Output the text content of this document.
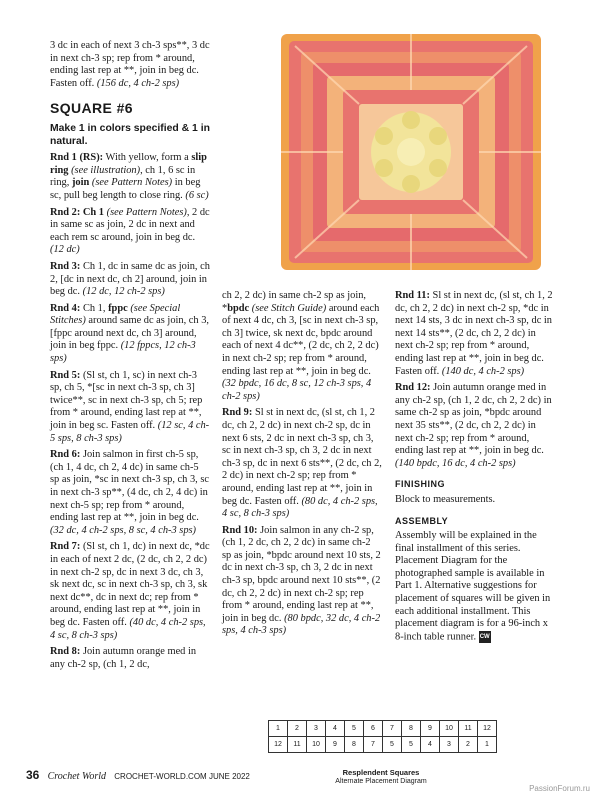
3 dc in each of next 3 ch-3 sps**, 3 dc in next ch-3 sp; rep from * around, ending last rep at **, join in beg dc. Fasten off. (156 dc, 4 ch-2 sps)

SQUARE #6

Make 1 in colors specified & 1 in natural.

Rnd 1 (RS): With yellow, form a slip ring (see illustration), ch 1, 6 sc in ring, join (see Pattern Notes) in beg sc, pull beg length to close ring. (6 sc)

Rnd 2: Ch 1 (see Pattern Notes), 2 dc in same sc as join, 2 dc in next and each rem sc around, join in beg dc. (12 dc)

Rnd 3: Ch 1, dc in same dc as join, ch 2, [dc in next dc, ch 2] around, join in beg dc. (12 dc, 12 ch-2 sps)

Rnd 4: Ch 1, fppc (see Special Stitches) around same dc as join, ch 3, [fppc around next dc, ch 3] around, join in beg fppc. (12 fppcs, 12 ch-3 sps)

Rnd 5: (Sl st, ch 1, sc) in next ch-3 sp, ch 5, *[sc in next ch-3 sp, ch 3] twice**, sc in next ch-3 sp, ch 5; rep from * around, ending last rep at **, join in beg sc. Fasten off. (12 sc, 4 ch-5 sps, 8 ch-3 sps)

Rnd 6: Join salmon in first ch-5 sp, (ch 1, 4 dc, ch 2, 4 dc) in same ch-5 sp as join, *sc in next ch-3 sp, ch 3, sc in next ch-3 sp**, (4 dc, ch 2, 4 dc) in next ch-5 sp; rep from * around, ending last rep at **, join in beg dc. (32 dc, 4 ch-2 sps, 8 sc, 4 ch-3 sps)

Rnd 7: (Sl st, ch 1, dc) in next dc, *dc in each of next 2 dc, (2 dc, ch 2, 2 dc) in next ch-2 sp, dc in next 3 dc, ch 3, sk next dc, sc in next ch-3 sp, ch 3, sk next dc**, dc in next dc; rep from * around, ending last rep at **, join in beg dc. Fasten off. (40 dc, 4 ch-2 sps, 4 sc, 8 ch-3 sps)

Rnd 8: Join autumn orange med in any ch-2 sp, (ch 1, 2 dc,

ch 2, 2 dc) in same ch-2 sp as join, *bpdc (see Stitch Guide) around each of next 4 dc, ch 3, [sc in next ch-3 sp, ch 3] twice, sk next dc, bpdc around each of next 4 dc**, (2 dc, ch 2, 2 dc) in next ch-2 sp; rep from * around, ending last rep at **, join in beg dc. (32 bpdc, 16 dc, 8 sc, 12 ch-3 sps, 4 ch-2 sps)

Rnd 9: Sl st in next dc, (sl st, ch 1, 2 dc, ch 2, 2 dc) in next ch-2 sp, dc in next 6 sts, 2 dc in next ch-3 sp, ch 3, sc in next ch-3 sp, ch 3, 2 dc in next ch-3 sp, dc in next 6 sts**, (2 dc, ch 2, 2 dc) in next ch-2 sp; rep from * around, ending last rep at **, join in beg dc. Fasten off. (80 dc, 4 ch-2 sps, 4 sc, 8 ch-3 sps)

Rnd 10: Join salmon in any ch-2 sp, (ch 1, 2 dc, ch 2, 2 dc) in same ch-2 sp as join, *bpdc around next 10 sts, 2 dc in next ch-3 sp, ch 3, 2 dc in next ch-3 sp, bpdc around next 10 sts**, (2 dc, ch 2, 2 dc) in next ch-2 sp; rep from * around, ending last rep at **, join in beg dc. (80 bpdc, 32 dc, 4 ch-2 sps, 4 ch-3 sps)

Rnd 11: Sl st in next dc, (sl st, ch 1, 2 dc, ch 2, 2 dc) in next ch-2 sp, *dc in next 14 sts, 3 dc in next ch-3 sp, dc in next 14 sts**, (2 dc, ch 2, 2 dc) in next ch-2 sp; rep from * around, ending last rep at **, join in beg dc. Fasten off. (140 dc, 4 ch-2 sps)

Rnd 12: Join autumn orange med in any ch-2 sp, (ch 1, 2 dc, ch 2, 2 dc) in same ch-2 sp as join, *bpdc around next 35 sts**, (2 dc, ch 2, 2 dc) in next ch-2 sp; rep from * around, ending last rep at **, join in beg dc. (140 bpdc, 16 dc, 4 ch-2 sps)

FINISHING

Block to measurements.

ASSEMBLY

Assembly will be explained in the final installment of this series. Placement Diagram for the photographed sample is available in Part 1. Alternative suggestions for placement of squares will be given in each additional installment. This placement diagram is for a 96-inch x 8-inch table runner. CW

1	2	3	4	5	6	7	8	9	10	11	12
12	11	10	9	8	7	5	5	4	3	2	1
Resplendent Squares
Alternate Placement Diagram
36 Crochet World CROCHET-WORLD.COM JUNE 2022
PassionForum.ru
